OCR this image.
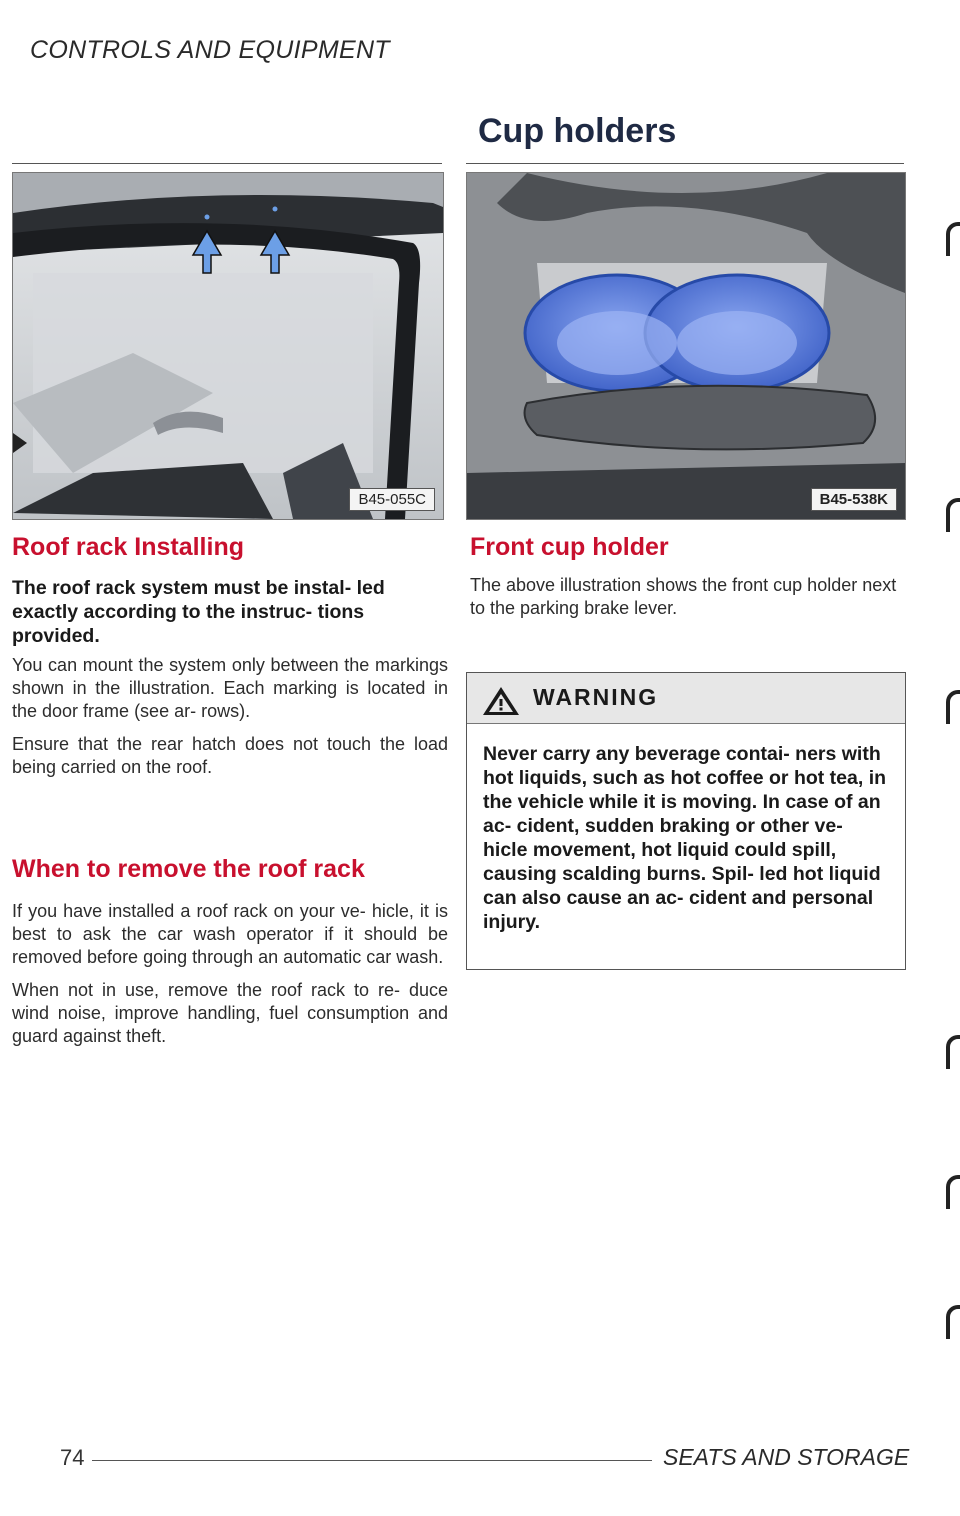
CONTROLS AND EQUIPMENT
Cup holders
B45-055C	B45-538K
Roof rack Installing
The roof rack system must be instal- led exactly according to the instruc- tions provided.

You can mount the system only between the markings shown in the illustration. Each marking is located in the door frame (see ar- rows).

Ensure that the rear hatch does not touch the load being carried on the roof.

When to remove the roof rack

If you have installed a roof rack on your ve- hicle, it is best to ask the car wash operator if it should be removed before going through an automatic car wash.

When not in use, remove the roof rack to re- duce wind noise, improve handling, fuel consumption and guard against theft.

Front cup holder
The above illustration shows the front cup holder next to the parking brake lever.
WARNING
Never carry any beverage contai- ners with hot liquids, such as hot coffee or hot tea, in the vehicle while it is moving. In case of an ac- cident, sudden braking or other ve- hicle movement, hot liquid could spill, causing scalding burns. Spil- led hot liquid can also cause an ac- cident and personal injury.
74	SEATS AND STORAGE
